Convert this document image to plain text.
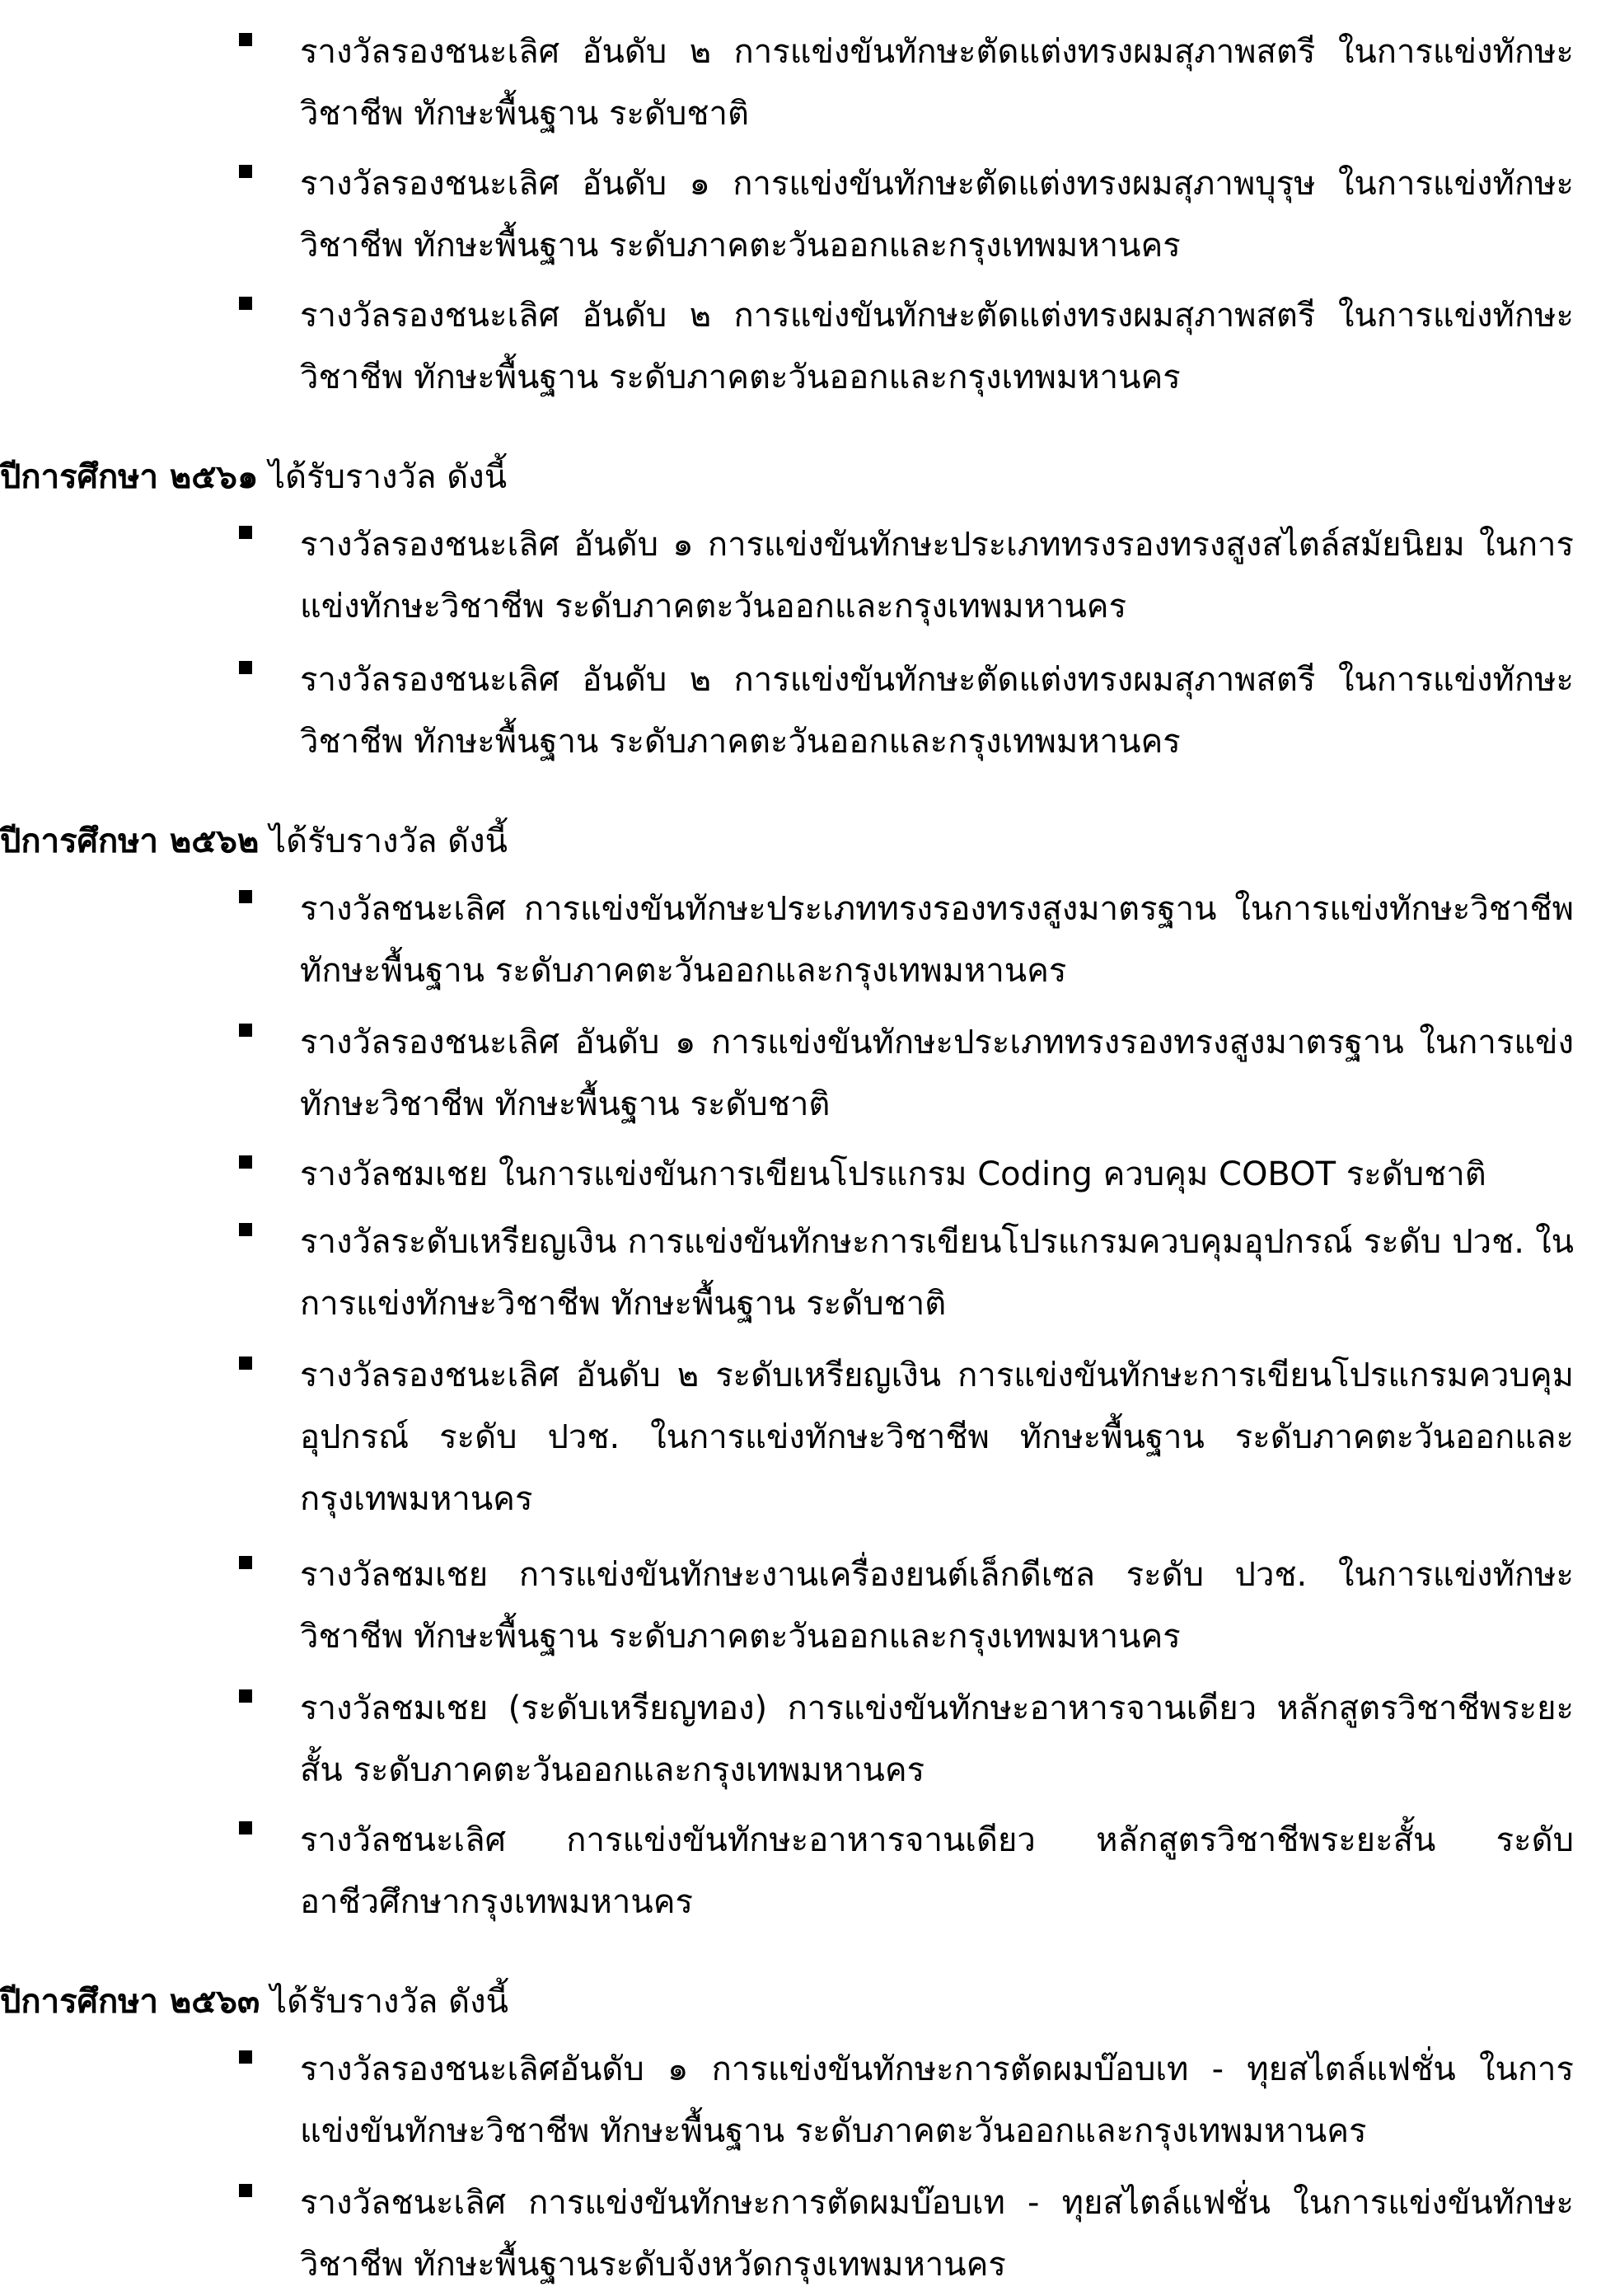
รางวัลรองชนะเลิศ อันดับ ๒ การแข่งขันทักษะตัดแต่งทรงผมสุภาพสตรี ในการแข่งทักษะวิชาชีพ ทักษะพื้นฐาน ระดับชาติ
รางวัลรองชนะเลิศ อันดับ ๑ การแข่งขันทักษะตัดแต่งทรงผมสุภาพบุรุษ ในการแข่งทักษะวิชาชีพ ทักษะพื้นฐาน ระดับภาคตะวันออกและกรุงเทพมหานคร
รางวัลรองชนะเลิศ อันดับ ๒ การแข่งขันทักษะตัดแต่งทรงผมสุภาพสตรี ในการแข่งทักษะวิชาชีพ ทักษะพื้นฐาน ระดับภาคตะวันออกและกรุงเทพมหานคร
ปีการศึกษา ๒๕๖๑ ได้รับรางวัล ดังนี้
รางวัลรองชนะเลิศ อันดับ ๑ การแข่งขันทักษะประเภททรงรองทรงสูงสไตล์สมัยนิยม ในการแข่งทักษะวิชาชีพ ระดับภาคตะวันออกและกรุงเทพมหานคร
รางวัลรองชนะเลิศ อันดับ ๒ การแข่งขันทักษะตัดแต่งทรงผมสุภาพสตรี ในการแข่งทักษะวิชาชีพ ทักษะพื้นฐาน ระดับภาคตะวันออกและกรุงเทพมหานคร
ปีการศึกษา ๒๕๖๒ ได้รับรางวัล ดังนี้
รางวัลชนะเลิศ การแข่งขันทักษะประเภททรงรองทรงสูงมาตรฐาน ในการแข่งทักษะวิชาชีพ ทักษะพื้นฐาน ระดับภาคตะวันออกและกรุงเทพมหานคร
รางวัลรองชนะเลิศ อันดับ ๑ การแข่งขันทักษะประเภททรงรองทรงสูงมาตรฐาน ในการแข่งทักษะวิชาชีพ ทักษะพื้นฐาน ระดับชาติ
รางวัลชมเชย ในการแข่งขันการเขียนโปรแกรม Coding ควบคุม COBOT ระดับชาติ
รางวัลระดับเหรียญเงิน การแข่งขันทักษะการเขียนโปรแกรมควบคุมอุปกรณ์ ระดับ ปวช. ในการแข่งทักษะวิชาชีพ ทักษะพื้นฐาน ระดับชาติ
รางวัลรองชนะเลิศ อันดับ ๒ ระดับเหรียญเงิน การแข่งขันทักษะการเขียนโปรแกรมควบคุมอุปกรณ์ ระดับ ปวช. ในการแข่งทักษะวิชาชีพ ทักษะพื้นฐาน ระดับภาคตะวันออกและกรุงเทพมหานคร
รางวัลชมเชย การแข่งขันทักษะงานเครื่องยนต์เล็กดีเซล ระดับ ปวช. ในการแข่งทักษะวิชาชีพ ทักษะพื้นฐาน ระดับภาคตะวันออกและกรุงเทพมหานคร
รางวัลชมเชย (ระดับเหรียญทอง) การแข่งขันทักษะอาหารจานเดียว หลักสูตรวิชาชีพระยะสั้น ระดับภาคตะวันออกและกรุงเทพมหานคร
รางวัลชนะเลิศ การแข่งขันทักษะอาหารจานเดียว หลักสูตรวิชาชีพระยะสั้น ระดับอาชีวศึกษากรุงเทพมหานคร
ปีการศึกษา ๒๕๖๓ ได้รับรางวัล ดังนี้
รางวัลรองชนะเลิศอันดับ ๑ การแข่งขันทักษะการตัดผมบ๊อบเท - ทุยสไตล์แฟชั่น ในการแข่งขันทักษะวิชาชีพ ทักษะพื้นฐาน ระดับภาคตะวันออกและกรุงเทพมหานคร
รางวัลชนะเลิศ การแข่งขันทักษะการตัดผมบ๊อบเท - ทุยสไตล์แฟชั่น ในการแข่งขันทักษะวิชาชีพ ทักษะพื้นฐานระดับจังหวัดกรุงเทพมหานคร
